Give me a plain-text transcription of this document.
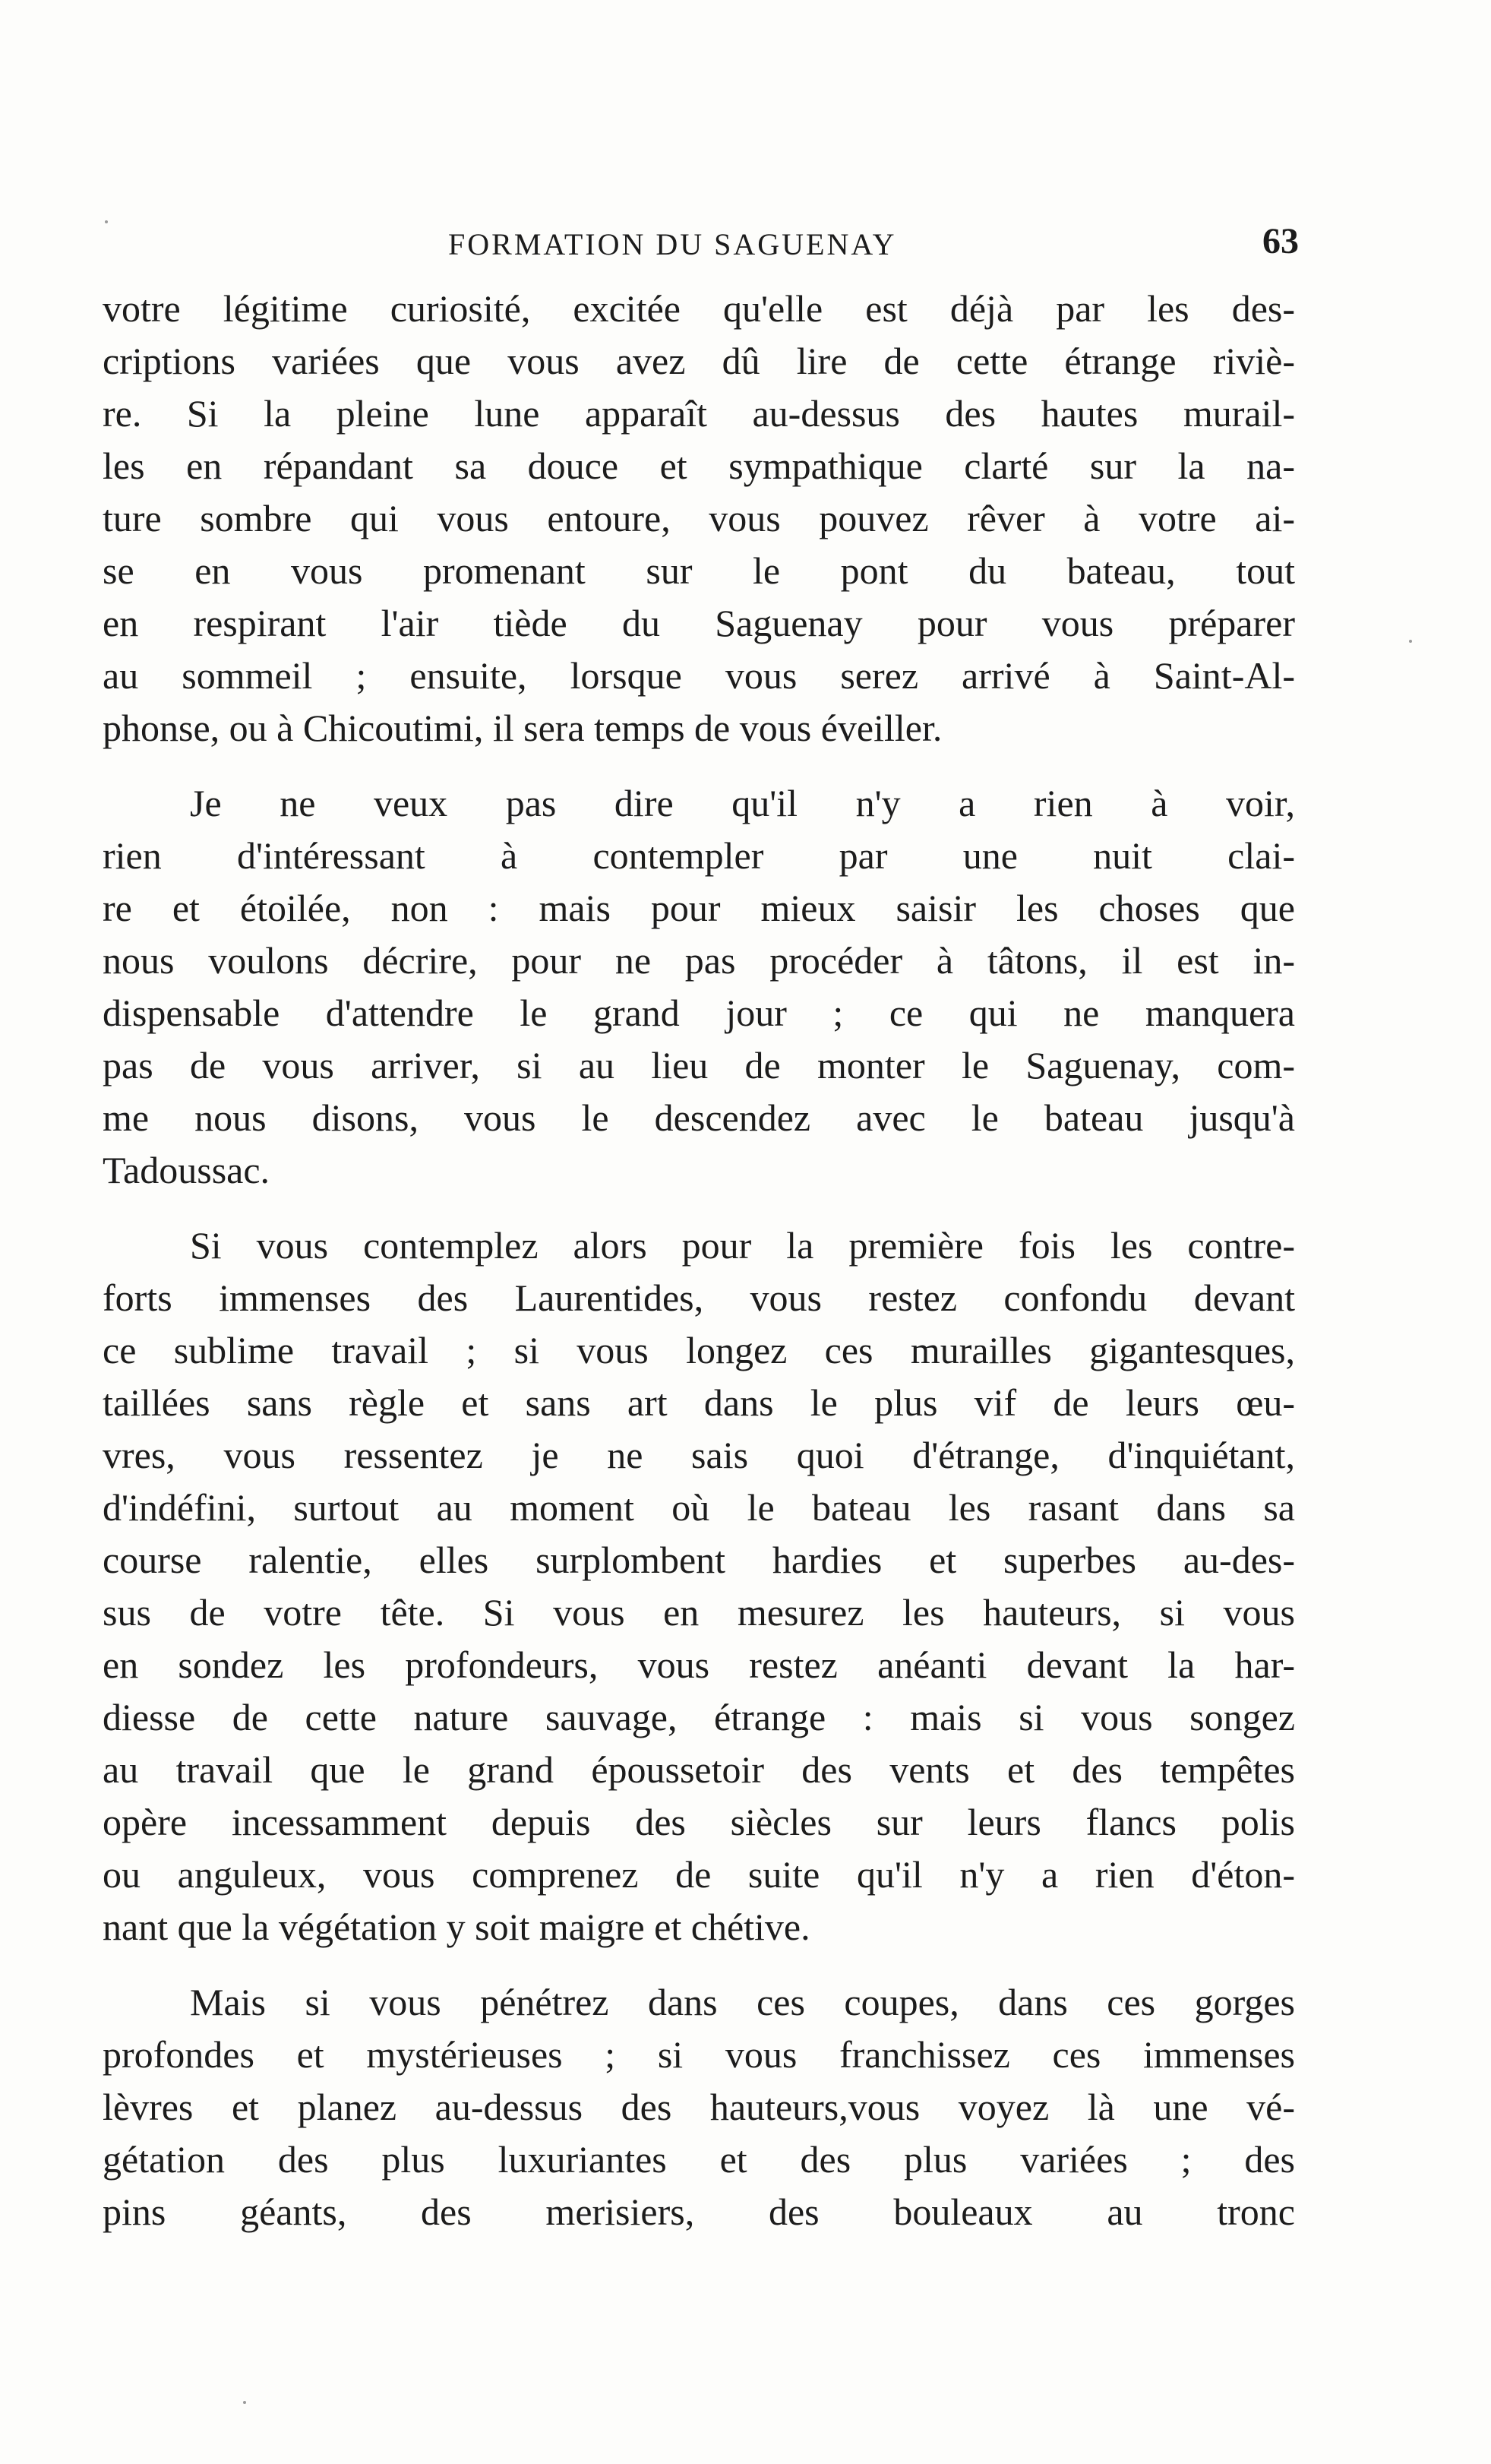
FORMATION DU SAGUENAY	63
votre légitime curiosité, excitée qu'elle est déjà par les des-
criptions variées que vous avez dû lire de cette étrange riviè-
re. Si la pleine lune apparaît au-dessus des hautes murail-
les en répandant sa douce et sympathique clarté sur la na-
ture sombre qui vous entoure, vous pouvez rêver à votre ai-
se en vous promenant sur le pont du bateau, tout
en respirant l'air tiède du Saguenay pour vous préparer
au sommeil ; ensuite, lorsque vous serez arrivé à Saint-Al-
phonse, ou à Chicoutimi, il sera temps de vous éveiller.
Je ne veux pas dire qu'il n'y a rien à voir,
rien d'intéressant à contempler par une nuit clai-
re et étoilée, non : mais pour mieux saisir les choses que
nous voulons décrire, pour ne pas procéder à tâtons, il est in-
dispensable d'attendre le grand jour ; ce qui ne manquera
pas de vous arriver, si au lieu de monter le Saguenay, com-
me nous disons, vous le descendez avec le bateau jusqu'à
Tadoussac.
Si vous contemplez alors pour la première fois les contre-
forts immenses des Laurentides, vous restez confondu devant
ce sublime travail ; si vous longez ces murailles gigantesques,
taillées sans règle et sans art dans le plus vif de leurs œu-
vres, vous ressentez je ne sais quoi d'étrange, d'inquiétant,
d'indéfini, surtout au moment où le bateau les rasant dans sa
course ralentie, elles surplombent hardies et superbes au-des-
sus de votre tête. Si vous en mesurez les hauteurs, si vous
en sondez les profondeurs, vous restez anéanti devant la har-
diesse de cette nature sauvage, étrange : mais si vous songez
au travail que le grand époussetoir des vents et des tempêtes
opère incessamment depuis des siècles sur leurs flancs polis
ou anguleux, vous comprenez de suite qu'il n'y a rien d'éton-
nant que la végétation y soit maigre et chétive.
Mais si vous pénétrez dans ces coupes, dans ces gorges
profondes et mystérieuses ; si vous franchissez ces immenses
lèvres et planez au-dessus des hauteurs,vous voyez là une vé-
gétation des plus luxuriantes et des plus variées ; des
pins géants, des merisiers, des bouleaux au tronc
